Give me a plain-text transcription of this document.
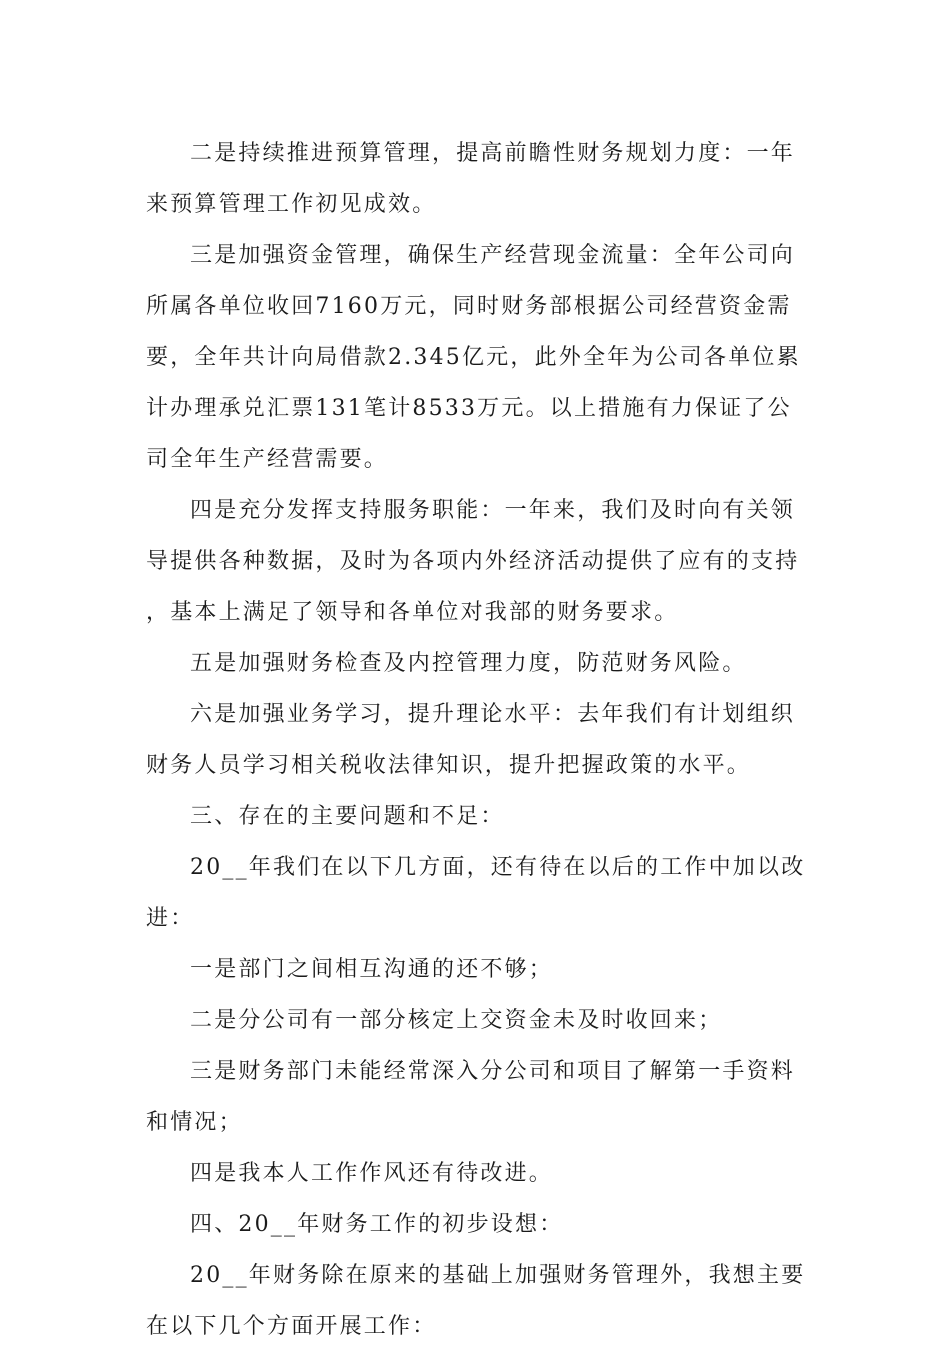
二是持续推进预算管理，提高前瞻性财务规划力度：一年来预算管理工作初见成效。

三是加强资金管理，确保生产经营现金流量：全年公司向所属各单位收回7160万元，同时财务部根据公司经营资金需要，全年共计向局借款2.345亿元，此外全年为公司各单位累计办理承兑汇票131笔计8533万元。以上措施有力保证了公司全年生产经营需要。

四是充分发挥支持服务职能：一年来，我们及时向有关领导提供各种数据，及时为各项内外经济活动提供了应有的支持，基本上满足了领导和各单位对我部的财务要求。

五是加强财务检查及内控管理力度，防范财务风险。

六是加强业务学习，提升理论水平：去年我们有计划组织财务人员学习相关税收法律知识，提升把握政策的水平。

三、存在的主要问题和不足：

20__年我们在以下几方面，还有待在以后的工作中加以改进：

一是部门之间相互沟通的还不够；

二是分公司有一部分核定上交资金未及时收回来；

三是财务部门未能经常深入分公司和项目了解第一手资料和情况；

四是我本人工作作风还有待改进。

四、20__年财务工作的初步设想：

20__年财务除在原来的基础上加强财务管理外，我想主要在以下几个方面开展工作：
